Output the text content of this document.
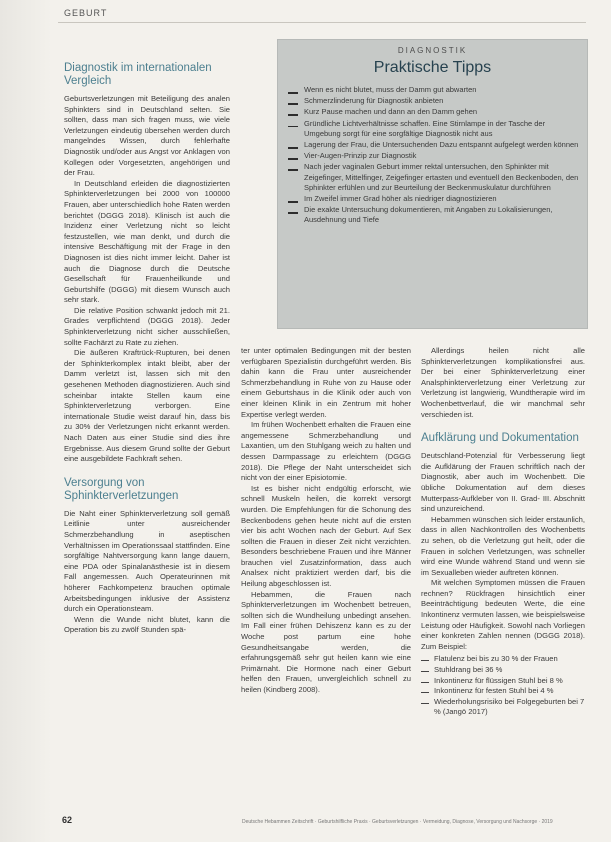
GEBURT
Diagnostik im internationalen Vergleich

Geburtsverletzungen mit Beteiligung des analen Sphinkters sind in Deutschland selten. Sie sollten, dass man sich fragen muss, wie viele Verletzungen eindeutig übersehen werden durch mangelndes Wissen, durch fehlerhafte Diagnostik und/oder aus Angst vor Anklagen von Kollegen oder Vorgesetzten, angehörigen und der Frau.

In Deutschland erleiden die diagnostizierten Sphinkterverletzungen bei 2000 von 100000 Frauen, aber unterschiedlich hohe Raten werden berichtet (DGGG 2018). Klinisch ist auch die Inzidenz einer Verletzung nicht so leicht festzustellen, wie man denkt, und durch die intensive Beschäftigung mit der Frage in den Diagnosen ist dies nicht immer leicht. Daher ist auch die Diagnose durch die Deutsche Gesellschaft für Frauenheilkunde und Geburtshilfe (DGGG) mit diesem Wunsch auch sehr stark.

Die relative Position schwankt jedoch mit 21. Grades verpflichtend (DGGG 2018). Jeder Sphinkterverletzung nicht sicher ausschließen, sollte Fachärzt zu Rate zu ziehen.

Die äußeren Kraftrück-Rupturen, bei denen der Sphinkterkomplex intakt bleibt, aber der Damm verletzt ist, lassen sich mit den gesehenen Methoden diagnostizieren. Auch sind scheinbar intakte Stellen kaum eine Sphinkterverletzung verborgen. Eine internationale Studie weist darauf hin, dass bis zu 30% der Verletzungen nicht erkannt werden. Nach Daten aus einer Studie sind dies ihre Ergebnisse. Aus diesem Grund sollte der Geburt eine ausgebildete Fachkraft sehen.

Versorgung von Sphinkterverletzungen

Die Naht einer Sphinkterverletzung soll gemäß Leitlinie unter ausreichender Schmerzbehandlung in aseptischen Verhältnissen im Operationssaal stattfinden. Eine sorgfältige Nahtversorgung kann lange dauern, eine PDA oder Spinalanästhesie ist in diesem Fall angemessen. Auch Operateurinnen mit höherer Fachkompetenz brauchen optimale Arbeitsbedingungen inklusive der Assistenz durch ein Operationsteam.

Wenn die Wunde nicht blutet, kann die Operation bis zu zwölf Stunden spä-

DIAGNOSTIK
Praktische Tipps
Wenn es nicht blutet, muss der Damm gut abwarten
Schmerzlinderung für Diagnostik anbieten
Kurz Pause machen und dann an den Damm gehen
Gründliche Lichtverhältnisse schaffen. Eine Stirnlampe in der Tasche der Umgebung sorgt für eine sorgfältige Diagnostik nicht aus
Lagerung der Frau, die Untersuchenden Dazu entspannt aufgelegt werden können
Vier-Augen-Prinzip zur Diagnostik
Nach jeder vaginalen Geburt immer rektal untersuchen, den Sphinkter mit Zeigefinger, Mittelfinger, Zeigefinger ertasten und eventuell den Beckenboden, den Sphinkter erfühlen und zur Beurteilung der Beckenmuskulatur durchführen
Im Zweifel immer Grad höher als niedriger diagnostizieren
Die exakte Untersuchung dokumentieren, mit Angaben zu Lokalisierungen, Ausdehnung und Tiefe

ter unter optimalen Bedingungen mit der besten verfügbaren Spezialistin durchgeführt werden. Bis dahin kann die Frau unter ausreichender Schmerzbehandlung in Ruhe von zu Hause oder einem Geburtshaus in die Klinik oder auch von einer kleinen Klinik in ein Zentrum mit hoher Expertise verlegt werden.

Im frühen Wochenbett erhalten die Frauen eine angemessene Schmerzbehandlung und Laxantien, um den Stuhlgang weich zu halten und dessen Darmpassage zu erleichtern (DGGG 2018). Die Pflege der Naht unterscheidet sich nicht von der einer Episiotomie.

Ist es bisher nicht endgültig erforscht, wie schnell Muskeln heilen, die korrekt versorgt wurden. Die Empfehlungen für die Schonung des Beckenbodens gehen heute nicht auf die ersten vier bis acht Wochen nach der Geburt. Auf Sex sollten die Frauen in dieser Zeit nicht verzichten. Besonders beschriebene Frauen und ihre Männer brauchen viel Zusatzinformation, dass auch Analsex nicht praktiziert werden darf, bis die Heilung abgeschlossen ist.

Hebammen, die Frauen nach Sphinkterverletzungen im Wochenbett betreuen, sollten sich die Wundheilung unbedingt ansehen. Im Fall einer frühen Dehiszenz kann es zu der Woche post partum eine hohe Gesundheitsangabe werden, die erfahrungsgemäß sehr gut heilen kann wie eine Primärnaht. Die Hormone nach einer Geburt helfen den Frauen, unvergleichlich schnell zu heilen (Kindberg 2008).

Allerdings heilen nicht alle Sphinkterverletzungen komplikationsfrei aus. Der bei einer Sphinkterverletzung einer Analsphinkterverletzung einer Verletzung zur Verletzung ist langwierig, Wundtherapie wird im Wochenbettverlauf, die wir manchmal sehr verschieden ist.

Aufklärung und Dokumentation

Deutschland-Potenzial für Verbesserung liegt die Aufklärung der Frauen schriftlich nach der Diagnostik, aber auch im Wochenbett. Die übliche Dokumentation auf dem dieses Mutterpass-Aufkleber von II. Grad- III. Abschnitt sind unzureichend.

Hebammen wünschen sich leider erstaunlich, dass in allen Nachkontrollen des Wochenbetts zu sehen, ob die Verletzung gut heilt, oder die Frauen in solchen Verletzungen, was schneller wird eine Wunde während Stand und wenn sie im Sexualleben wieder auftreten können.

Mit welchen Symptomen müssen die Frauen rechnen? Rückfragen hinsichtlich einer Beeinträchtigung bedeuten Werte, die eine Inkontinenz vermuten lassen, wie beispielsweise Leistung oder Häufigkeit. Sowohl nach Vorliegen einer konkreten Zahlen nennen (DGGG 2018). Zum Beispiel:

Flatulenz bei bis zu 30 % der Frauen
Stuhldrang bei 36 %
Inkontinenz für flüssigen Stuhl bei 8 %
Inkontinenz für festen Stuhl bei 4 %
Wiederholungsrisiko bei Folgegeburten bei 7 % (Jangö 2017)
62	Deutsche Hebammen Zeitschrift · Geburtshilfliche Praxis · Geburtsverletzungen · Vermeidung, Diagnose, Versorgung und Nachsorge · 2019
